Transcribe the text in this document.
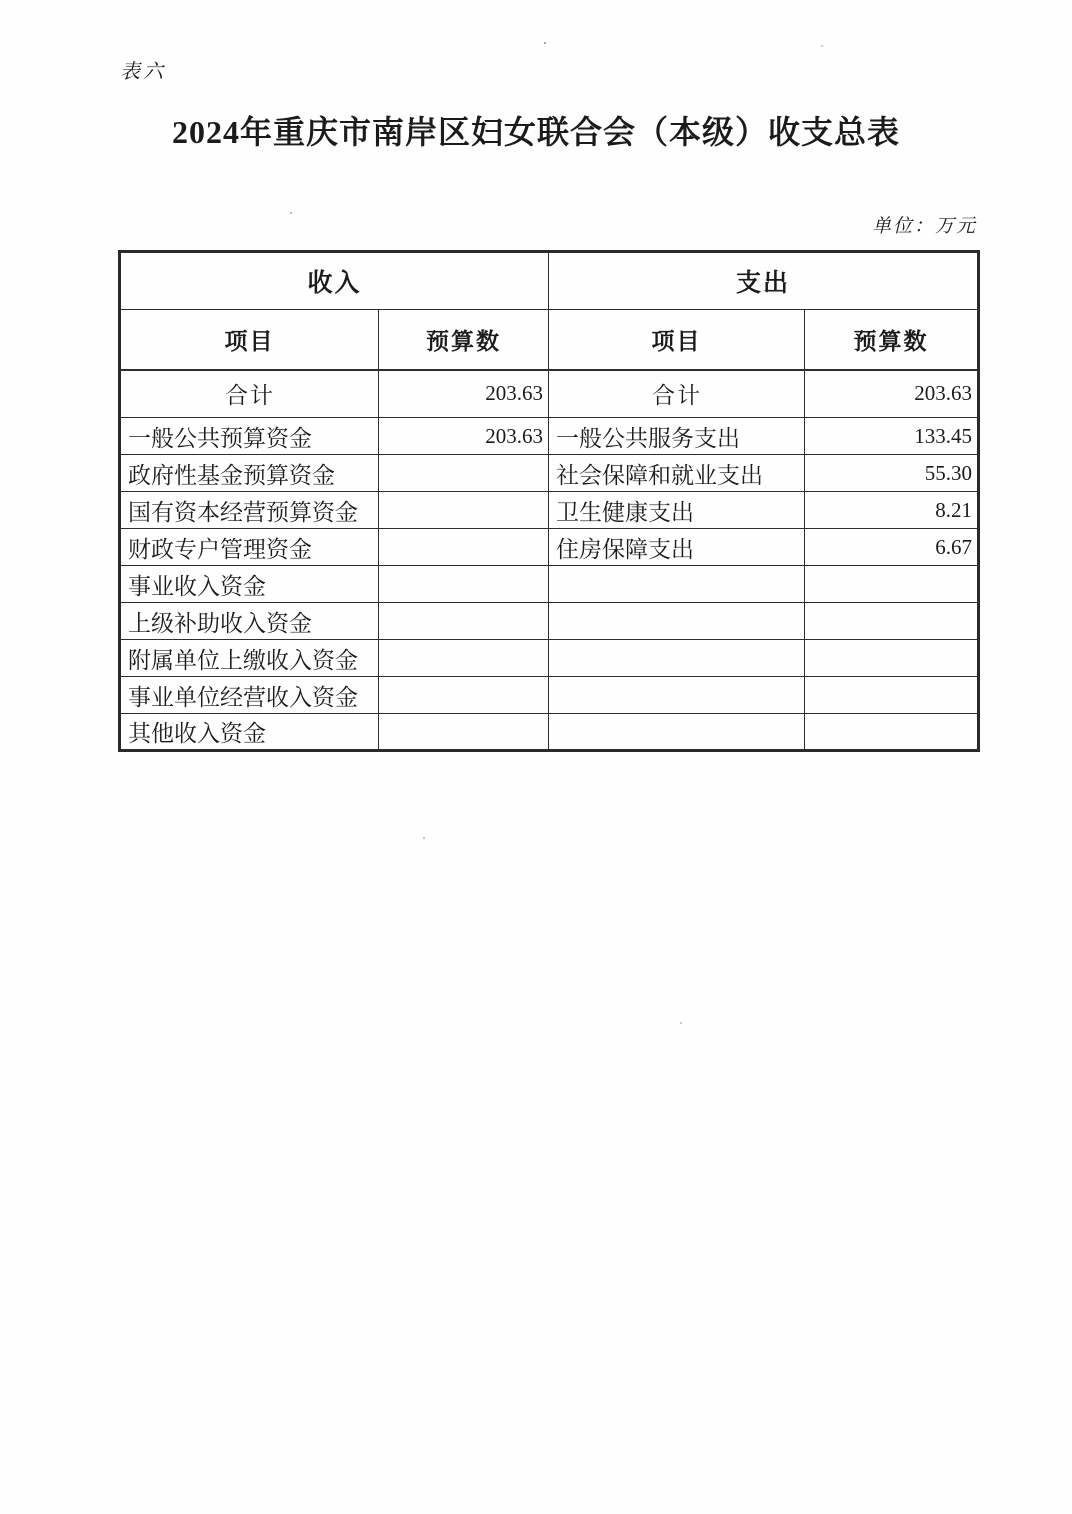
表六
2024年重庆市南岸区妇女联合会（本级）收支总表
单位：万元
收入		支出	
项目	预算数	项目	预算数
合计	203.63	合计	203.63
一般公共预算资金	203.63	一般公共服务支出	133.45
政府性基金预算资金		社会保障和就业支出	55.30
国有资本经营预算资金		卫生健康支出	8.21
财政专户管理资金		住房保障支出	6.67
事业收入资金			
上级补助收入资金			
附属单位上缴收入资金			
事业单位经营收入资金			
其他收入资金			
